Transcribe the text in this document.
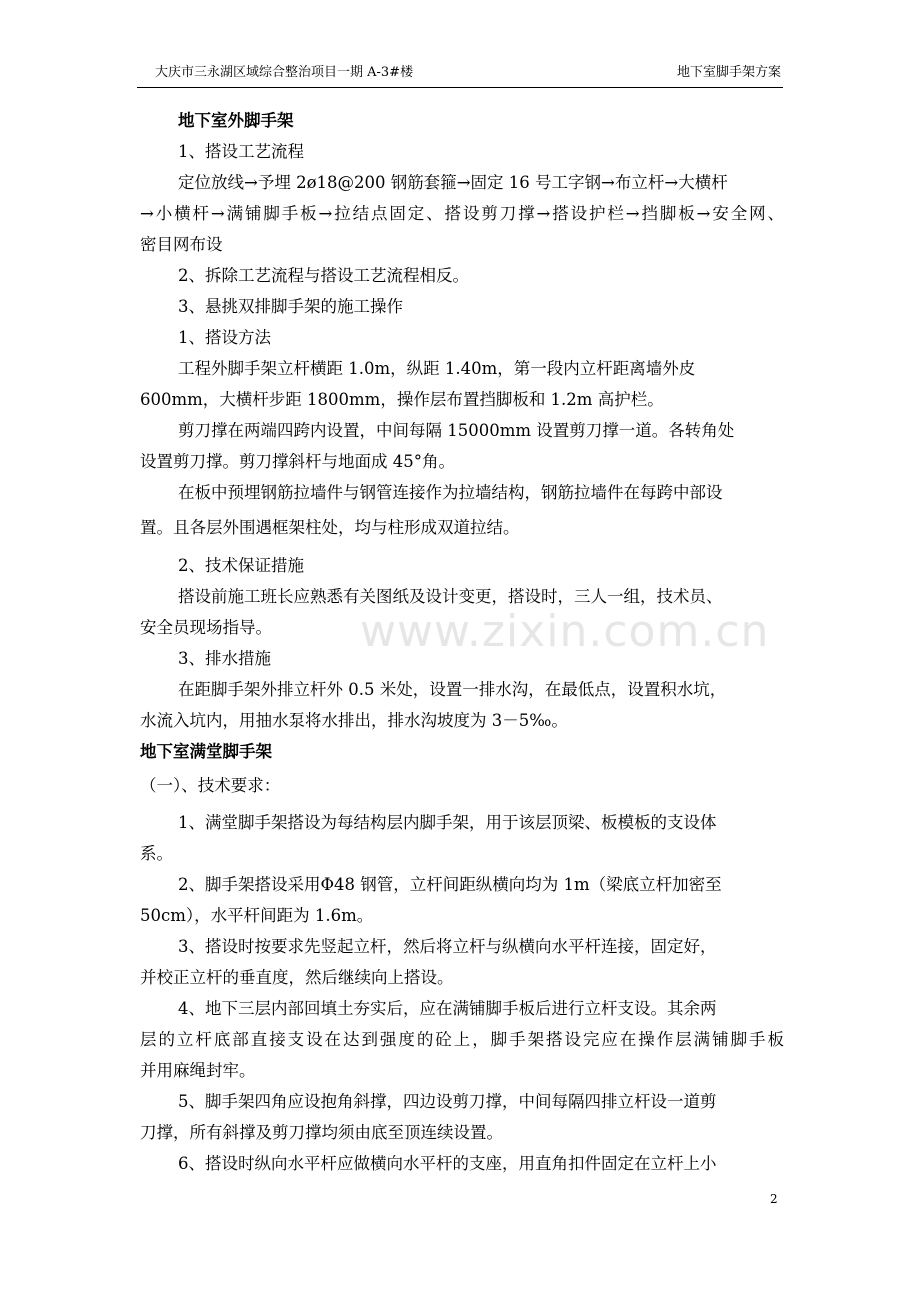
大庆市三永湖区域综合整治项目一期 A-3#楼	地下室脚手架方案
www.zixin.com.cn
地下室外脚手架
1、搭设工艺流程
定位放线→予埋 2ø18@200 钢筋套箍→固定 16 号工字钢→布立杆→大横杆
→小横杆→满铺脚手板→拉结点固定、搭设剪刀撑→搭设护栏→挡脚板→安全网、
密目网布设
2、拆除工艺流程与搭设工艺流程相反。
3、悬挑双排脚手架的施工操作
1、搭设方法
工程外脚手架立杆横距 1.0m，纵距 1.40m，第一段内立杆距离墙外皮
600mm，大横杆步距 1800mm，操作层布置挡脚板和 1.2m 高护栏。
剪刀撑在两端四跨内设置，中间每隔 15000mm 设置剪刀撑一道。各转角处
设置剪刀撑。剪刀撑斜杆与地面成 45°角。
在板中预埋钢筋拉墙件与钢管连接作为拉墙结构，钢筋拉墙件在每跨中部设
置。且各层外围遇框架柱处，均与柱形成双道拉结。
2、技术保证措施
搭设前施工班长应熟悉有关图纸及设计变更，搭设时，三人一组，技术员、
安全员现场指导。
3、排水措施
在距脚手架外排立杆外 0.5 米处，设置一排水沟，在最低点，设置积水坑，
水流入坑内，用抽水泵将水排出，排水沟坡度为 3－5‰。
地下室满堂脚手架
（一）、技术要求：
1、满堂脚手架搭设为每结构层内脚手架，用于该层顶梁、板模板的支设体
系。
2、脚手架搭设采用Φ48 钢管，立杆间距纵横向均为 1m（梁底立杆加密至
50cm），水平杆间距为 1.6m。
3、搭设时按要求先竖起立杆，然后将立杆与纵横向水平杆连接，固定好，
并校正立杆的垂直度，然后继续向上搭设。
4、地下三层内部回填土夯实后，应在满铺脚手板后进行立杆支设。其余两
层的立杆底部直接支设在达到强度的砼上，脚手架搭设完应在操作层满铺脚手板
并用麻绳封牢。
5、脚手架四角应设抱角斜撑，四边设剪刀撑，中间每隔四排立杆设一道剪
刀撑，所有斜撑及剪刀撑均须由底至顶连续设置。
6、搭设时纵向水平杆应做横向水平杆的支座，用直角扣件固定在立杆上小
2
